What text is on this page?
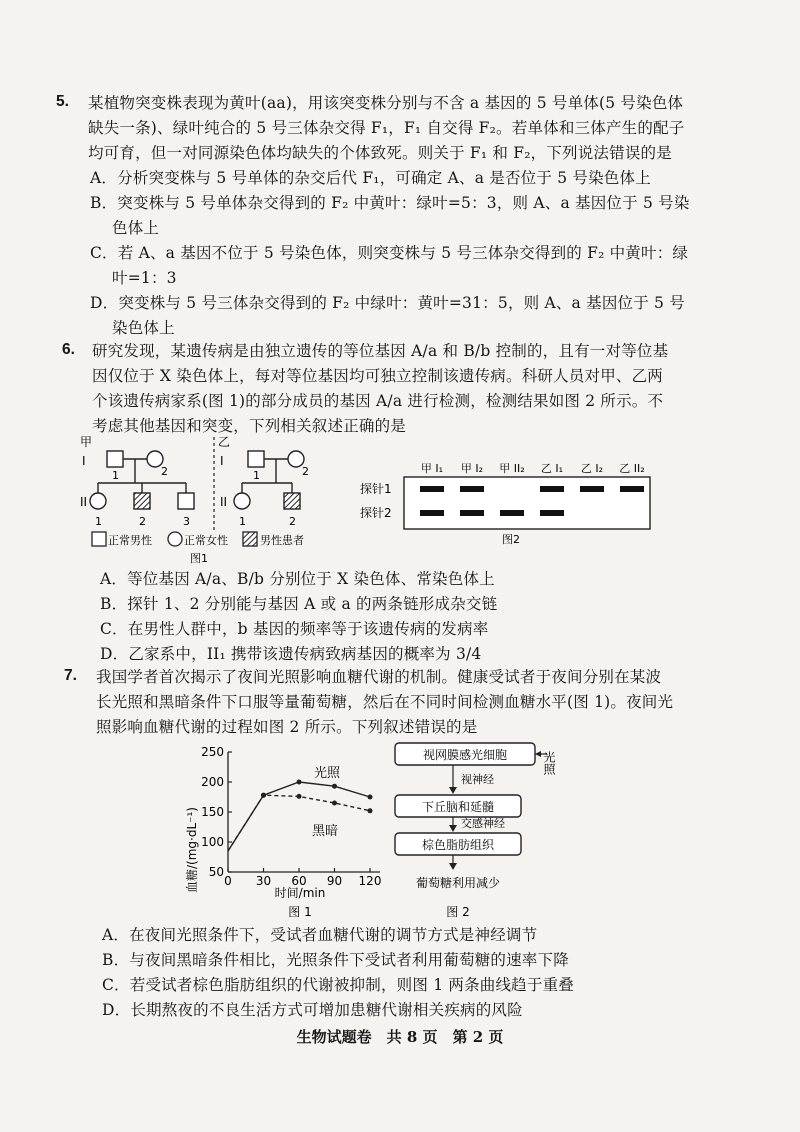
5. 某植物突变株表现为黄叶(aa)，用该突变株分别与不含 a 基因的 5 号单体(5 号染色体
缺失一条)、绿叶纯合的 5 号三体杂交得 F₁，F₁ 自交得 F₂。若单体和三体产生的配子
均可育，但一对同源染色体均缺失的个体致死。则关于 F₁ 和 F₂，下列说法错误的是
A．分析突变株与 5 号单体的杂交后代 F₁，可确定 A、a 是否位于 5 号染色体上
B．突变株与 5 号单体杂交得到的 F₂ 中黄叶：绿叶=5：3，则 A、a 基因位于 5 号染
色体上
C．若 A、a 基因不位于 5 号染色体，则突变株与 5 号三体杂交得到的 F₂ 中黄叶：绿
叶=1：3
D．突变株与 5 号三体杂交得到的 F₂ 中绿叶：黄叶=31：5，则 A、a 基因位于 5 号
染色体上
6. 研究发现，某遗传病是由独立遗传的等位基因 A/a 和 B/b 控制的，且有一对等位基
因仅位于 X 染色体上，每对等位基因均可独立控制该遗传病。科研人员对甲、乙两
个该遗传病家系(图 1)的部分成员的基因 A/a 进行检测，检测结果如图 2 所示。不
考虑其他基因和突变，下列相关叙述正确的是
甲
I
1	2
II
1	2	3
乙
I
1	2
II
1	2
正常男性	正常女性	男性患者
图1
甲 I₁ 甲 I₂ 甲 II₂ 乙 I₁ 乙 I₂ 乙 II₂
探针1
探针2
图2
A．等位基因 A/a、B/b 分别位于 X 染色体、常染色体上
B．探针 1、2 分别能与基因 A 或 a 的两条链形成杂交链
C．在男性人群中，b 基因的频率等于该遗传病的发病率
D．乙家系中，II₁ 携带该遗传病致病基因的概率为 3/4
7. 我国学者首次揭示了夜间光照影响血糖代谢的机制。健康受试者于夜间分别在某波
长光照和黑暗条件下口服等量葡萄糖，然后在不同时间检测血糖水平(图 1)。夜间光
照影响血糖代谢的过程如图 2 所示。下列叙述错误的是
血糖/(mg·dL⁻¹) 50
100
150
200
250
0 30 60 90 120
光照
黑暗
时间/min
图 1
视网膜感光细胞	光照
视神经
下丘脑和延髓
交感神经
棕色脂肪组织
葡萄糖利用减少
图 2
A．在夜间光照条件下，受试者血糖代谢的调节方式是神经调节
B．与夜间黑暗条件相比，光照条件下受试者利用葡萄糖的速率下降
C．若受试者棕色脂肪组织的代谢被抑制，则图 1 两条曲线趋于重叠
D．长期熬夜的不良生活方式可增加患糖代谢相关疾病的风险
生物试题卷　共 8 页　第 2 页
